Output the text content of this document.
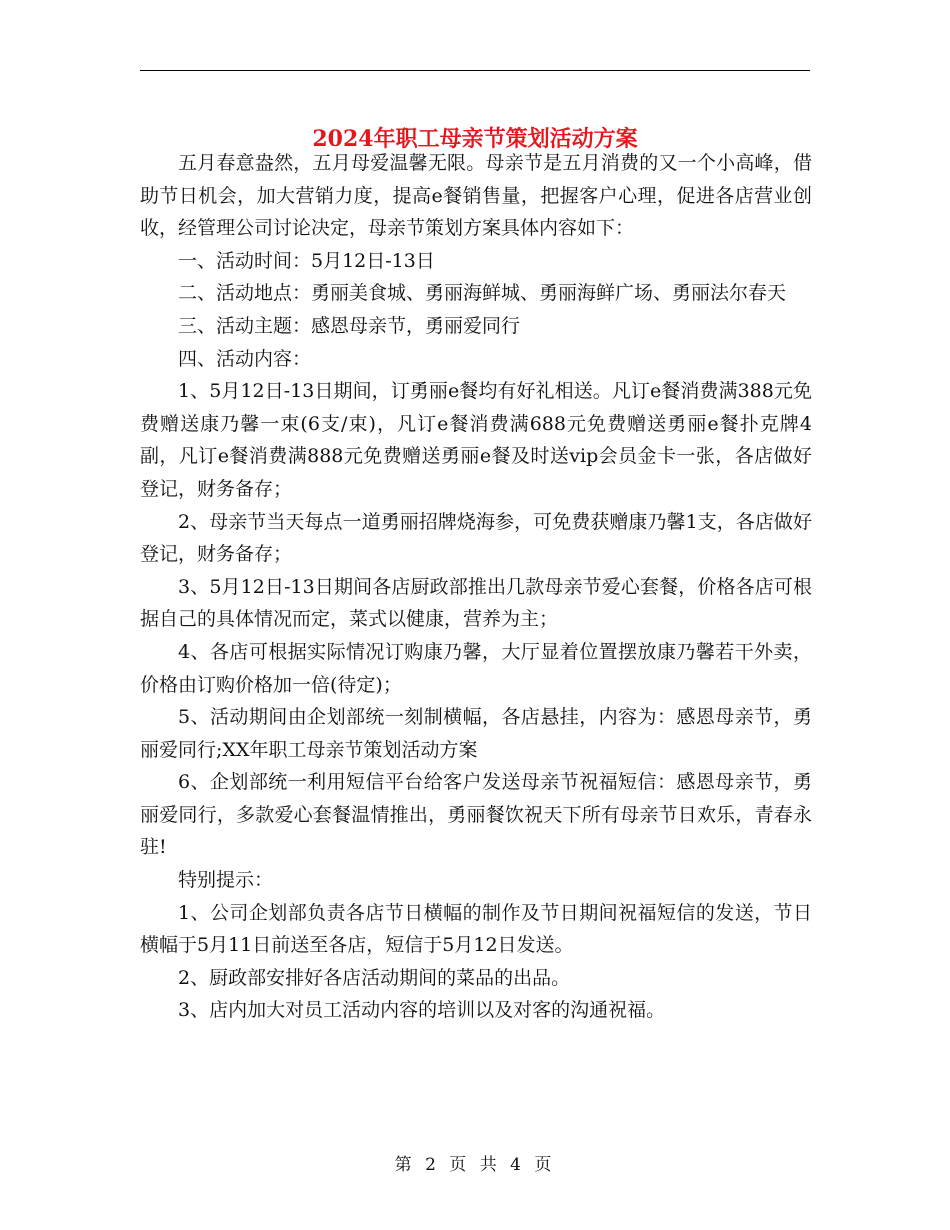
2024年职工母亲节策划活动方案

五月春意盎然，五月母爱温馨无限。母亲节是五月消费的又一个小高峰，借助节日机会，加大营销力度，提高e餐销售量，把握客户心理，促进各店营业创收，经管理公司讨论决定，母亲节策划方案具体内容如下：

一、活动时间：5月12日-13日

二、活动地点：勇丽美食城、勇丽海鲜城、勇丽海鲜广场、勇丽法尔春天

三、活动主题：感恩母亲节，勇丽爱同行

四、活动内容：

1、5月12日-13日期间，订勇丽e餐均有好礼相送。凡订e餐消费满388元免费赠送康乃馨一束(6支/束)，凡订e餐消费满688元免费赠送勇丽e餐扑克牌4副，凡订e餐消费满888元免费赠送勇丽e餐及时送vip会员金卡一张，各店做好登记，财务备存；

2、母亲节当天每点一道勇丽招牌烧海参，可免费获赠康乃馨1支，各店做好登记，财务备存；

3、5月12日-13日期间各店厨政部推出几款母亲节爱心套餐，价格各店可根据自己的具体情况而定，菜式以健康，营养为主；

4、各店可根据实际情况订购康乃馨，大厅显着位置摆放康乃馨若干外卖，价格由订购价格加一倍(待定)；

5、活动期间由企划部统一刻制横幅，各店悬挂，内容为：感恩母亲节，勇丽爱同行;XX年职工母亲节策划活动方案

6、企划部统一利用短信平台给客户发送母亲节祝福短信：感恩母亲节，勇丽爱同行，多款爱心套餐温情推出，勇丽餐饮祝天下所有母亲节日欢乐，青春永驻!

特别提示：

1、公司企划部负责各店节日横幅的制作及节日期间祝福短信的发送，节日横幅于5月11日前送至各店，短信于5月12日发送。

2、厨政部安排好各店活动期间的菜品的出品。

3、店内加大对员工活动内容的培训以及对客的沟通祝福。

第 2 页 共 4 页
